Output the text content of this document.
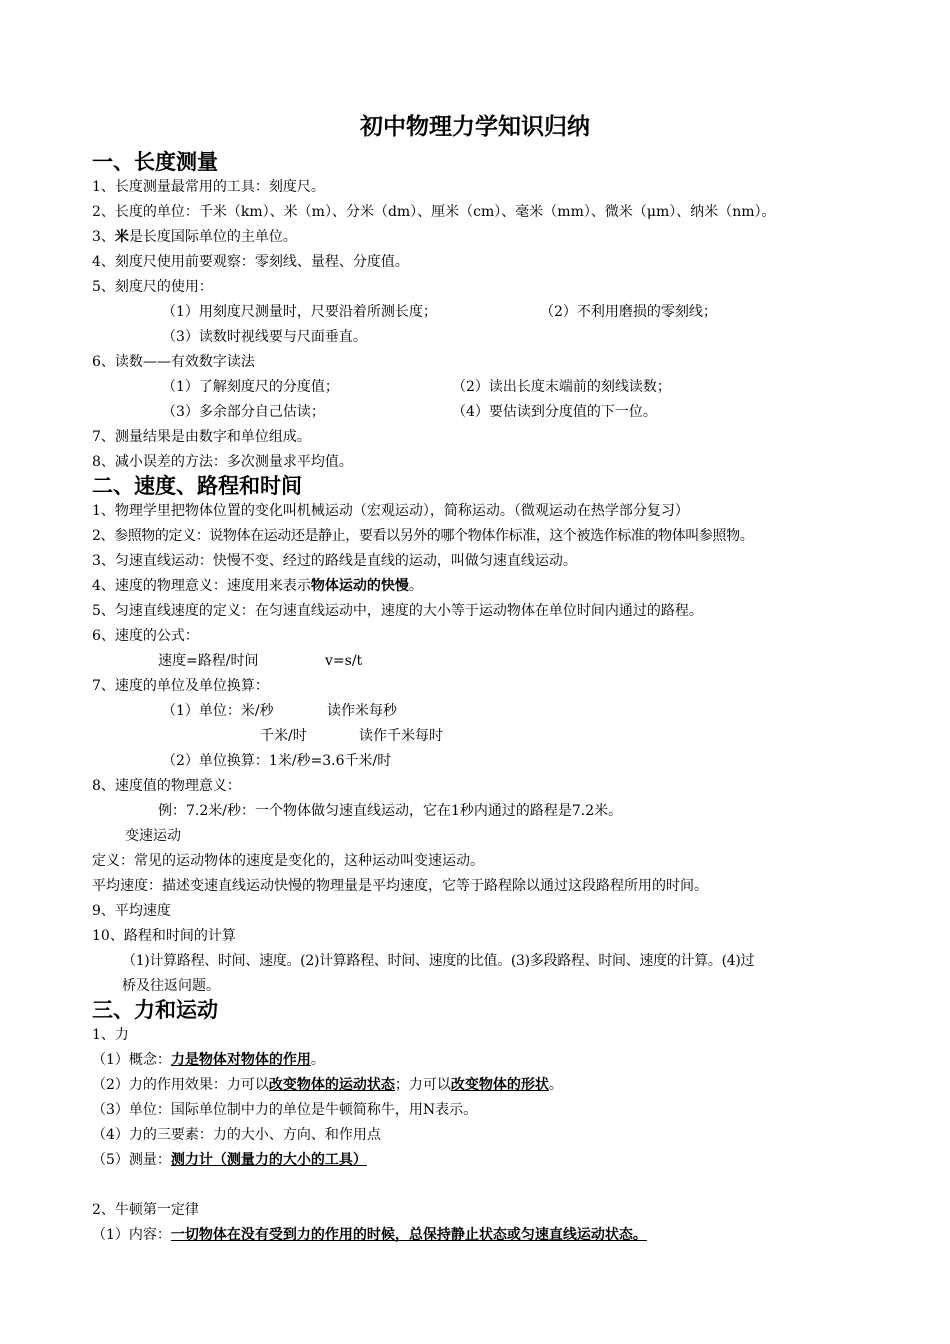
初中物理力学知识归纳
一、长度测量
1、长度测量最常用的工具：刻度尺。
2、长度的单位：千米（km）、米（m）、分米（dm）、厘米（cm）、毫米（mm）、微米（μm）、纳米（nm）。
3、米是长度国际单位的主单位。
4、刻度尺使用前要观察：零刻线、量程、分度值。
5、刻度尺的使用：
（1）用刻度尺测量时，尺要沿着所测长度；	（2）不利用磨损的零刻线；
（3）读数时视线要与尺面垂直。
6、读数——有效数字读法
（1）了解刻度尺的分度值；	（2）读出长度末端前的刻线读数；
（3）多余部分自己估读；	（4）要估读到分度值的下一位。
7、测量结果是由数字和单位组成。
8、减小误差的方法：多次测量求平均值。
二、速度、路程和时间
1、物理学里把物体位置的变化叫机械运动（宏观运动），简称运动。（微观运动在热学部分复习）
2、参照物的定义：说物体在运动还是静止，要看以另外的哪个物体作标准，这个被选作标准的物体叫参照物。
3、匀速直线运动：快慢不变、经过的路线是直线的运动，叫做匀速直线运动。
4、速度的物理意义：速度用来表示物体运动的快慢。
5、匀速直线速度的定义：在匀速直线运动中，速度的大小等于运动物体在单位时间内通过的路程。
6、速度的公式：
速度=路程/时间	v=s/t
7、速度的单位及单位换算：
（1）单位：米/秒	读作米每秒
千米/时	读作千米每时
（2）单位换算：1米/秒=3.6千米/时
8、速度值的物理意义：
例：7.2米/秒：一个物体做匀速直线运动，它在1秒内通过的路程是7.2米。
变速运动
定义：常见的运动物体的速度是变化的，这种运动叫变速运动。
平均速度：描述变速直线运动快慢的物理量是平均速度，它等于路程除以通过这段路程所用的时间。
9、平均速度
10、路程和时间的计算
（1)计算路程、时间、速度。(2)计算路程、时间、速度的比值。(3)多段路程、时间、速度的计算。(4)过
桥及往返问题。
三、力和运动
1、力
（1）概念：力是物体对物体的作用。
（2）力的作用效果：力可以改变物体的运动状态；力可以改变物体的形状。
（3）单位：国际单位制中力的单位是牛顿简称牛，用N表示。
（4）力的三要素：力的大小、方向、和作用点
（5）测量：测力计（测量力的大小的工具）
2、牛顿第一定律
（1）内容：一切物体在没有受到力的作用的时候，总保持静止状态或匀速直线运动状态。
